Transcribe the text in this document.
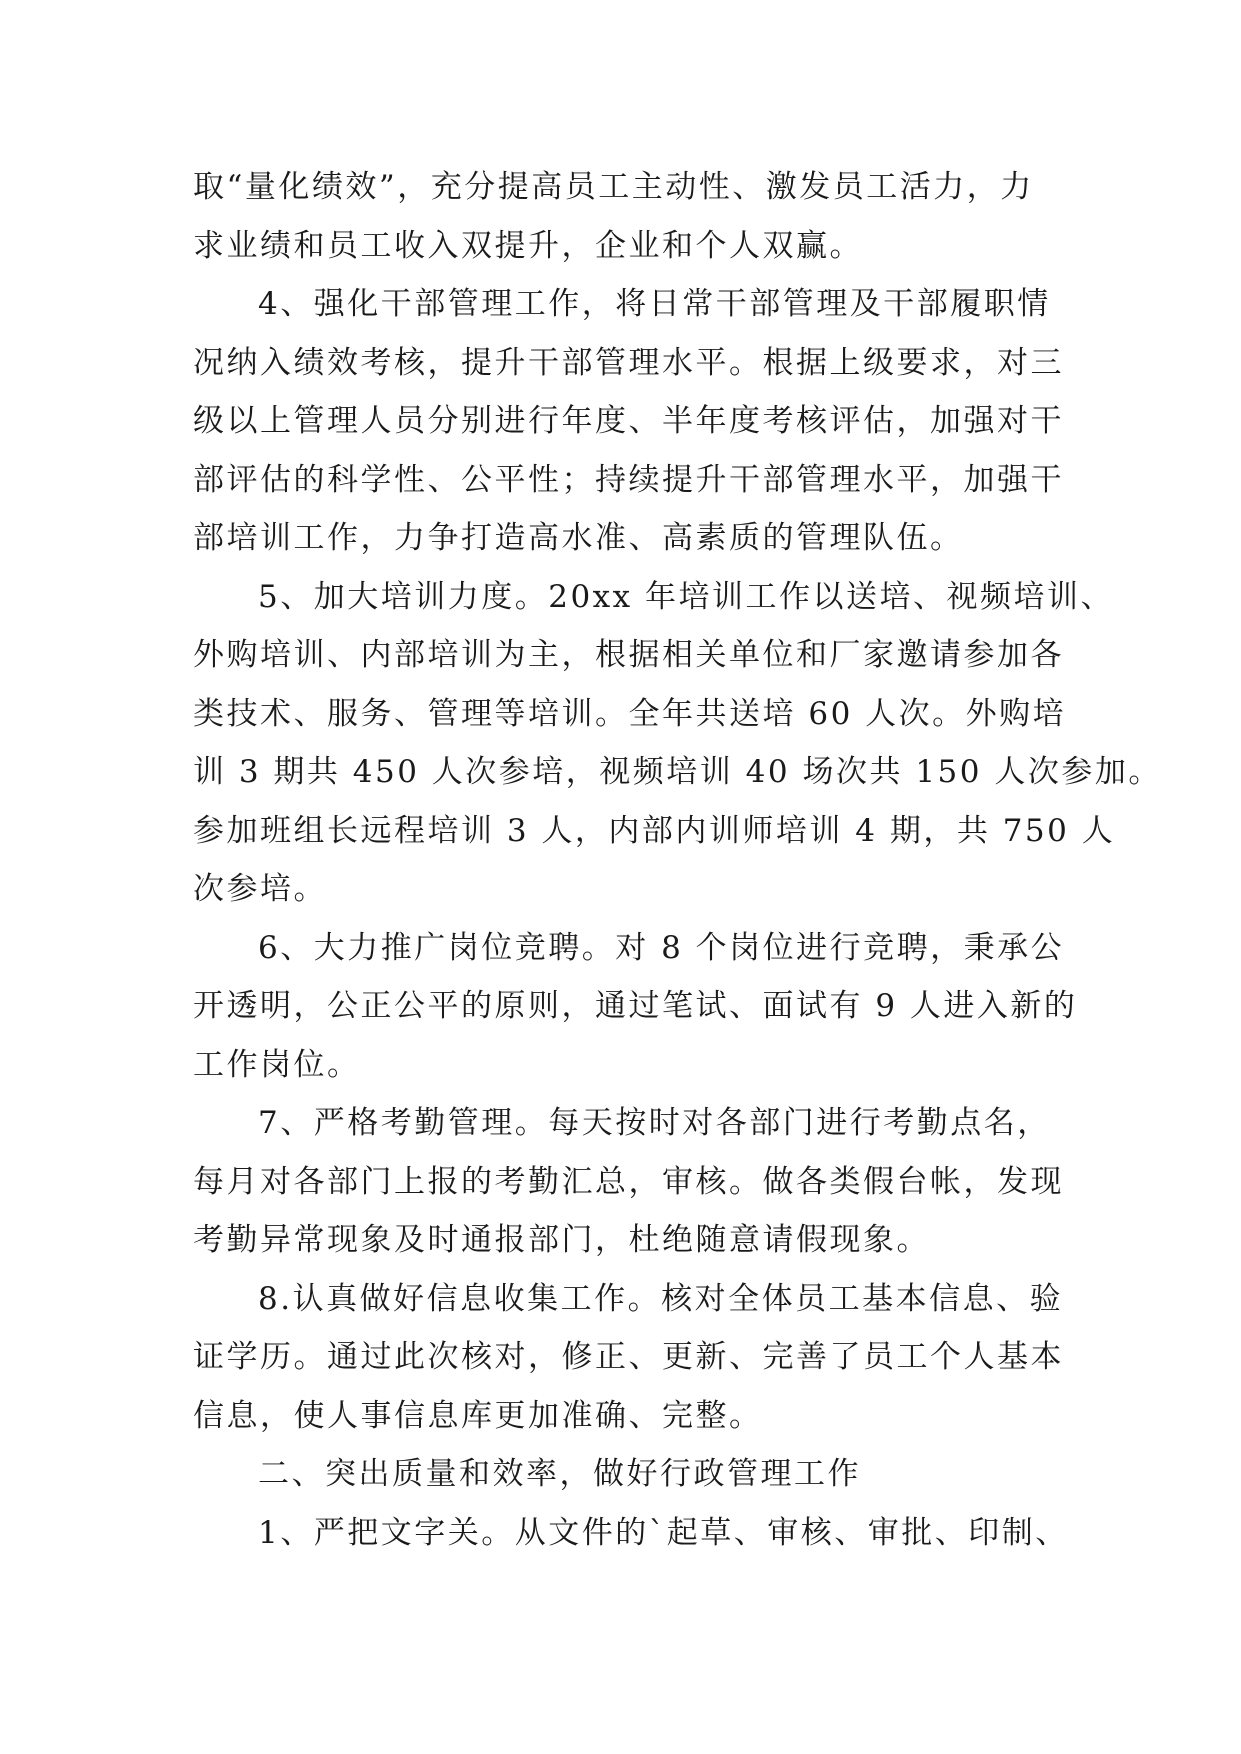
取“量化绩效”，充分提高员工主动性、激发员工活力，力
求业绩和员工收入双提升，企业和个人双赢。
4、强化干部管理工作，将日常干部管理及干部履职情
况纳入绩效考核，提升干部管理水平。根据上级要求，对三
级以上管理人员分别进行年度、半年度考核评估，加强对干
部评估的科学性、公平性；持续提升干部管理水平，加强干
部培训工作，力争打造高水准、高素质的管理队伍。
5、加大培训力度。20xx 年培训工作以送培、视频培训、
外购培训、内部培训为主，根据相关单位和厂家邀请参加各
类技术、服务、管理等培训。全年共送培 60 人次。外购培
训 3 期共 450 人次参培，视频培训 40 场次共 150 人次参加。
参加班组长远程培训 3 人，内部内训师培训 4 期，共 750 人
次参培。
6、大力推广岗位竞聘。对 8 个岗位进行竞聘，秉承公
开透明，公正公平的原则，通过笔试、面试有 9 人进入新的
工作岗位。
7、严格考勤管理。每天按时对各部门进行考勤点名，
每月对各部门上报的考勤汇总，审核。做各类假台帐，发现
考勤异常现象及时通报部门，杜绝随意请假现象。
8.认真做好信息收集工作。核对全体员工基本信息、验
证学历。通过此次核对，修正、更新、完善了员工个人基本
信息，使人事信息库更加准确、完整。
二、突出质量和效率，做好行政管理工作
1、严把文字关。从文件的`起草、审核、审批、印制、
